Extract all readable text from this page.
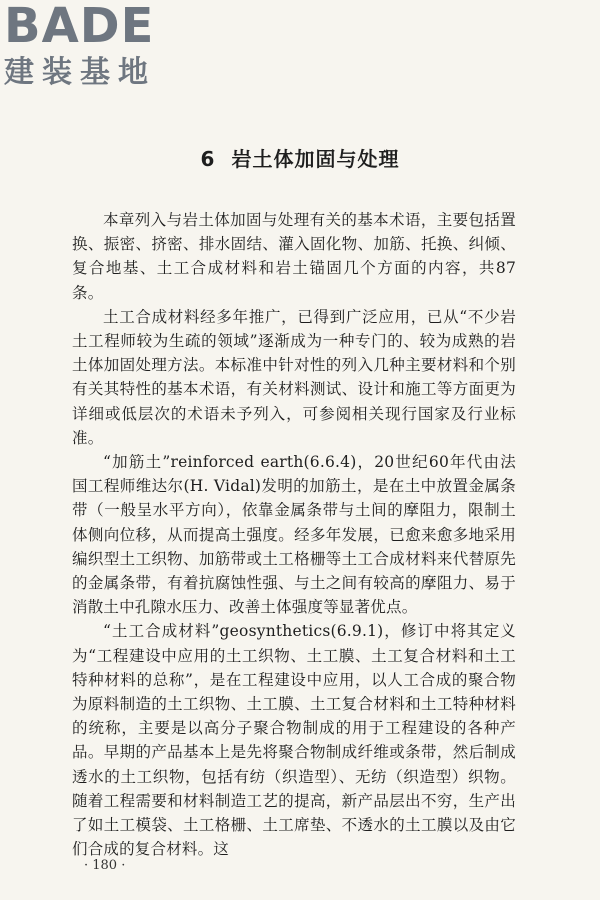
BADE
建装基地
6 岩土体加固与处理

本章列入与岩土体加固与处理有关的基本术语，主要包括置换、振密、挤密、排水固结、灌入固化物、加筋、托换、纠倾、复合地基、土工合成材料和岩土锚固几个方面的内容，共87条。

土工合成材料经多年推广，已得到广泛应用，已从“不少岩土工程师较为生疏的领域”逐渐成为一种专门的、较为成熟的岩土体加固处理方法。本标准中针对性的列入几种主要材料和个别有关其特性的基本术语，有关材料测试、设计和施工等方面更为详细或低层次的术语未予列入，可参阅相关现行国家及行业标准。

“加筋土”reinforced earth(6.6.4)，20世纪60年代由法国工程师维达尔(H. Vidal)发明的加筋土，是在土中放置金属条带（一般呈水平方向），依靠金属条带与土间的摩阻力，限制土体侧向位移，从而提高土强度。经多年发展，已愈来愈多地采用编织型土工织物、加筋带或土工格栅等土工合成材料来代替原先的金属条带，有着抗腐蚀性强、与土之间有较高的摩阻力、易于消散土中孔隙水压力、改善土体强度等显著优点。

“土工合成材料”geosynthetics(6.9.1)，修订中将其定义为“工程建设中应用的土工织物、土工膜、土工复合材料和土工特种材料的总称”，是在工程建设中应用，以人工合成的聚合物为原料制造的土工织物、土工膜、土工复合材料和土工特种材料的统称，主要是以高分子聚合物制成的用于工程建设的各种产品。早期的产品基本上是先将聚合物制成纤维或条带，然后制成透水的土工织物，包括有纺（织造型）、无纺（织造型）织物。随着工程需要和材料制造工艺的提高，新产品层出不穷，生产出了如土工模袋、土工格栅、土工席垫、不透水的土工膜以及由它们合成的复合材料。这

· 180 ·
